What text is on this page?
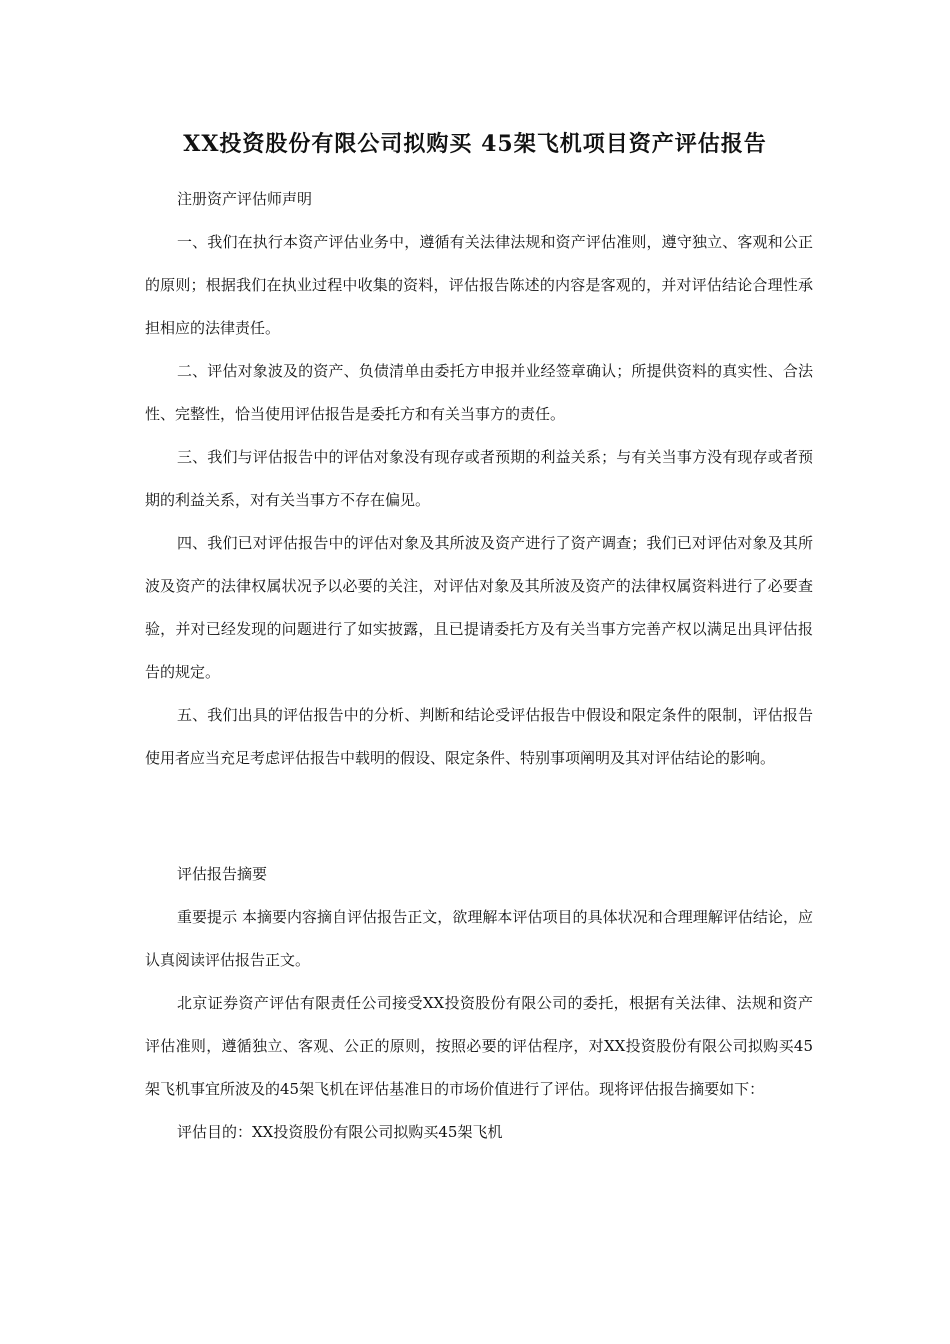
XX投资股份有限公司拟购买 45架飞机项目资产评估报告
注册资产评估师声明

一、我们在执行本资产评估业务中，遵循有关法律法规和资产评估准则，遵守独立、客观和公正的原则；根据我们在执业过程中收集的资料，评估报告陈述的内容是客观的，并对评估结论合理性承担相应的法律责任。

二、评估对象波及的资产、负债清单由委托方申报并业经签章确认；所提供资料的真实性、合法性、完整性，恰当使用评估报告是委托方和有关当事方的责任。

三、我们与评估报告中的评估对象没有现存或者预期的利益关系；与有关当事方没有现存或者预期的利益关系，对有关当事方不存在偏见。

四、我们已对评估报告中的评估对象及其所波及资产进行了资产调查；我们已对评估对象及其所波及资产的法律权属状况予以必要的关注，对评估对象及其所波及资产的法律权属资料进行了必要查验，并对已经发现的问题进行了如实披露，且已提请委托方及有关当事方完善产权以满足出具评估报告的规定。

五、我们出具的评估报告中的分析、判断和结论受评估报告中假设和限定条件的限制，评估报告使用者应当充足考虑评估报告中载明的假设、限定条件、特别事项阐明及其对评估结论的影响。

评估报告摘要

重要提示 本摘要内容摘自评估报告正文，欲理解本评估项目的具体状况和合理理解评估结论，应认真阅读评估报告正文。

北京证券资产评估有限责任公司接受XX投资股份有限公司的委托，根据有关法律、法规和资产评估准则，遵循独立、客观、公正的原则，按照必要的评估程序，对XX投资股份有限公司拟购买45架飞机事宜所波及的45架飞机在评估基准日的市场价值进行了评估。现将评估报告摘要如下：

评估目的：XX投资股份有限公司拟购买45架飞机
